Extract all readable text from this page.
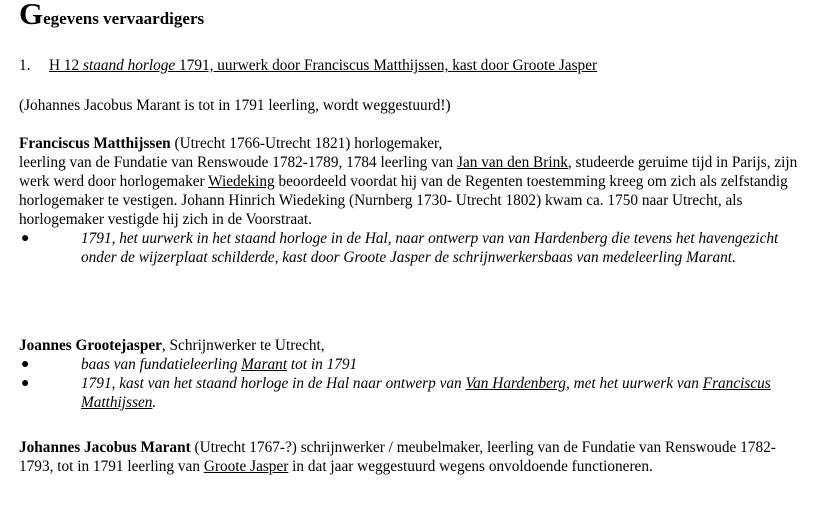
Gegevens vervaardigers

1. H 12 staand horloge 1791, uurwerk door Franciscus Matthijssen, kast door Groote Jasper

(Johannes Jacobus Marant is tot in 1791 leerling, wordt weggestuurd!)

Franciscus Matthijssen (Utrecht 1766-Utrecht 1821) horlogemaker,

leerling van de Fundatie van Renswoude 1782-1789, 1784 leerling van Jan van den Brink, studeerde geruime tijd in Parijs, zijn werk werd door horlogemaker Wiedeking beoordeeld voordat hij van de Regenten toestemming kreeg om zich als zelfstandig horlogemaker te vestigen. Johann Hinrich Wiedeking (Nurnberg 1730- Utrecht 1802) kwam ca. 1750 naar Utrecht, als horlogemaker vestigde hij zich in de Voorstraat.

●	1791, het uurwerk in het staand horloge in de Hal, naar ontwerp van van Hardenberg die tevens het havengezicht onder de wijzerplaat schilderde, kast door Groote Jasper de schrijnwerkersbaas van medeleerling Marant.

Joannes Grootejasper, Schrijnwerker te Utrecht,

●	baas van fundatieleerling Marant tot in 1791
●	1791, kast van het staand horloge in de Hal naar ontwerp van Van Hardenberg, met het uurwerk van Franciscus Matthijssen.

Johannes Jacobus Marant (Utrecht 1767-?) schrijnwerker / meubelmaker, leerling van de Fundatie van Renswoude 1782-1793, tot in 1791 leerling van Groote Jasper in dat jaar weggestuurd wegens onvoldoende functioneren.
